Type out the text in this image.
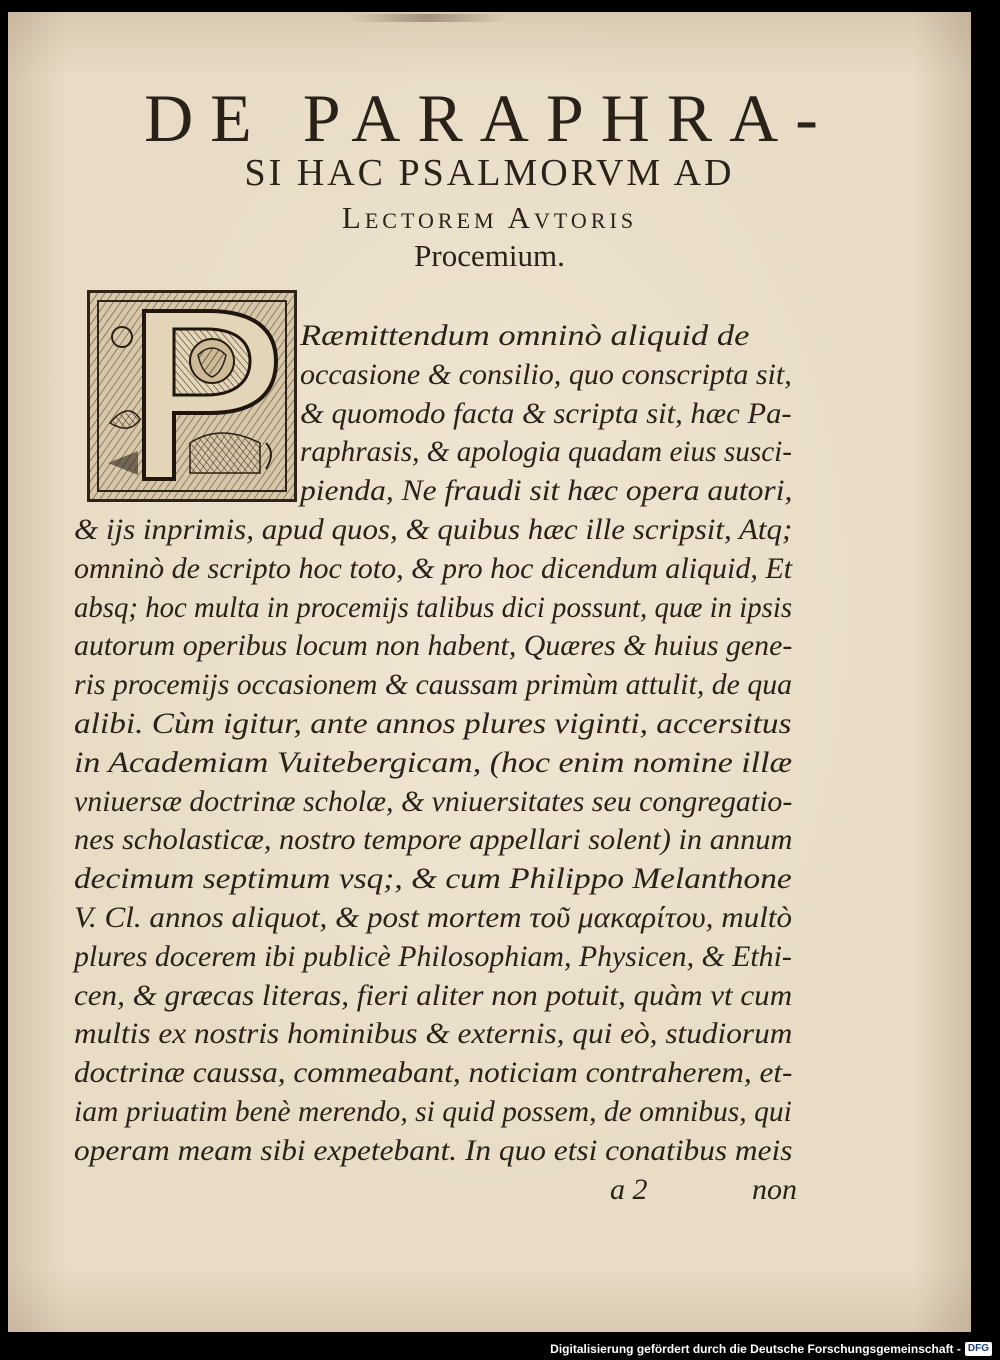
DE PARAPHRA-
SI HAC PSALMORVM AD
Lectorem Avtoris
Procemium.
Ræmittendum omninò aliquid de
occasione & consilio, quo conscripta sit,
& quomodo facta & scripta sit, hæc Pa-
raphrasis, & apologia quadam eius susci-
pienda, Ne fraudi sit hæc opera autori,
& ijs inprimis, apud quos, & quibus hæc ille scripsit, Atq;
omninò de scripto hoc toto, & pro hoc dicendum aliquid, Et
absq; hoc multa in procemijs talibus dici possunt, quæ in ipsis
autorum operibus locum non habent, Quæres & huius gene-
ris procemijs occasionem & caussam primùm attulit, de qua
alibi. Cùm igitur, ante annos plures viginti, accersitus
in Academiam Vuitebergicam, (hoc enim nomine illæ
vniuersæ doctrinæ scholæ, & vniuersitates seu congregatio-
nes scholasticæ, nostro tempore appellari solent) in annum
decimum septimum vsq;, & cum Philippo Melanthone
V. Cl. annos aliquot, & post mortem τοῦ μακαρίτου, multò
plures docerem ibi publicè Philosophiam, Physicen, & Ethi-
cen, & græcas literas, fieri aliter non potuit, quàm vt cum
multis ex nostris hominibus & externis, qui eò, studiorum
doctrinæ caussa, commeabant, noticiam contraherem, et-
iam priuatim benè merendo, si quid possem, de omnibus, qui
operam meam sibi expetebant. In quo etsi conatibus meis
a 2	non
Digitalisierung gefördert durch die Deutsche Forschungsgemeinschaft - DFG
